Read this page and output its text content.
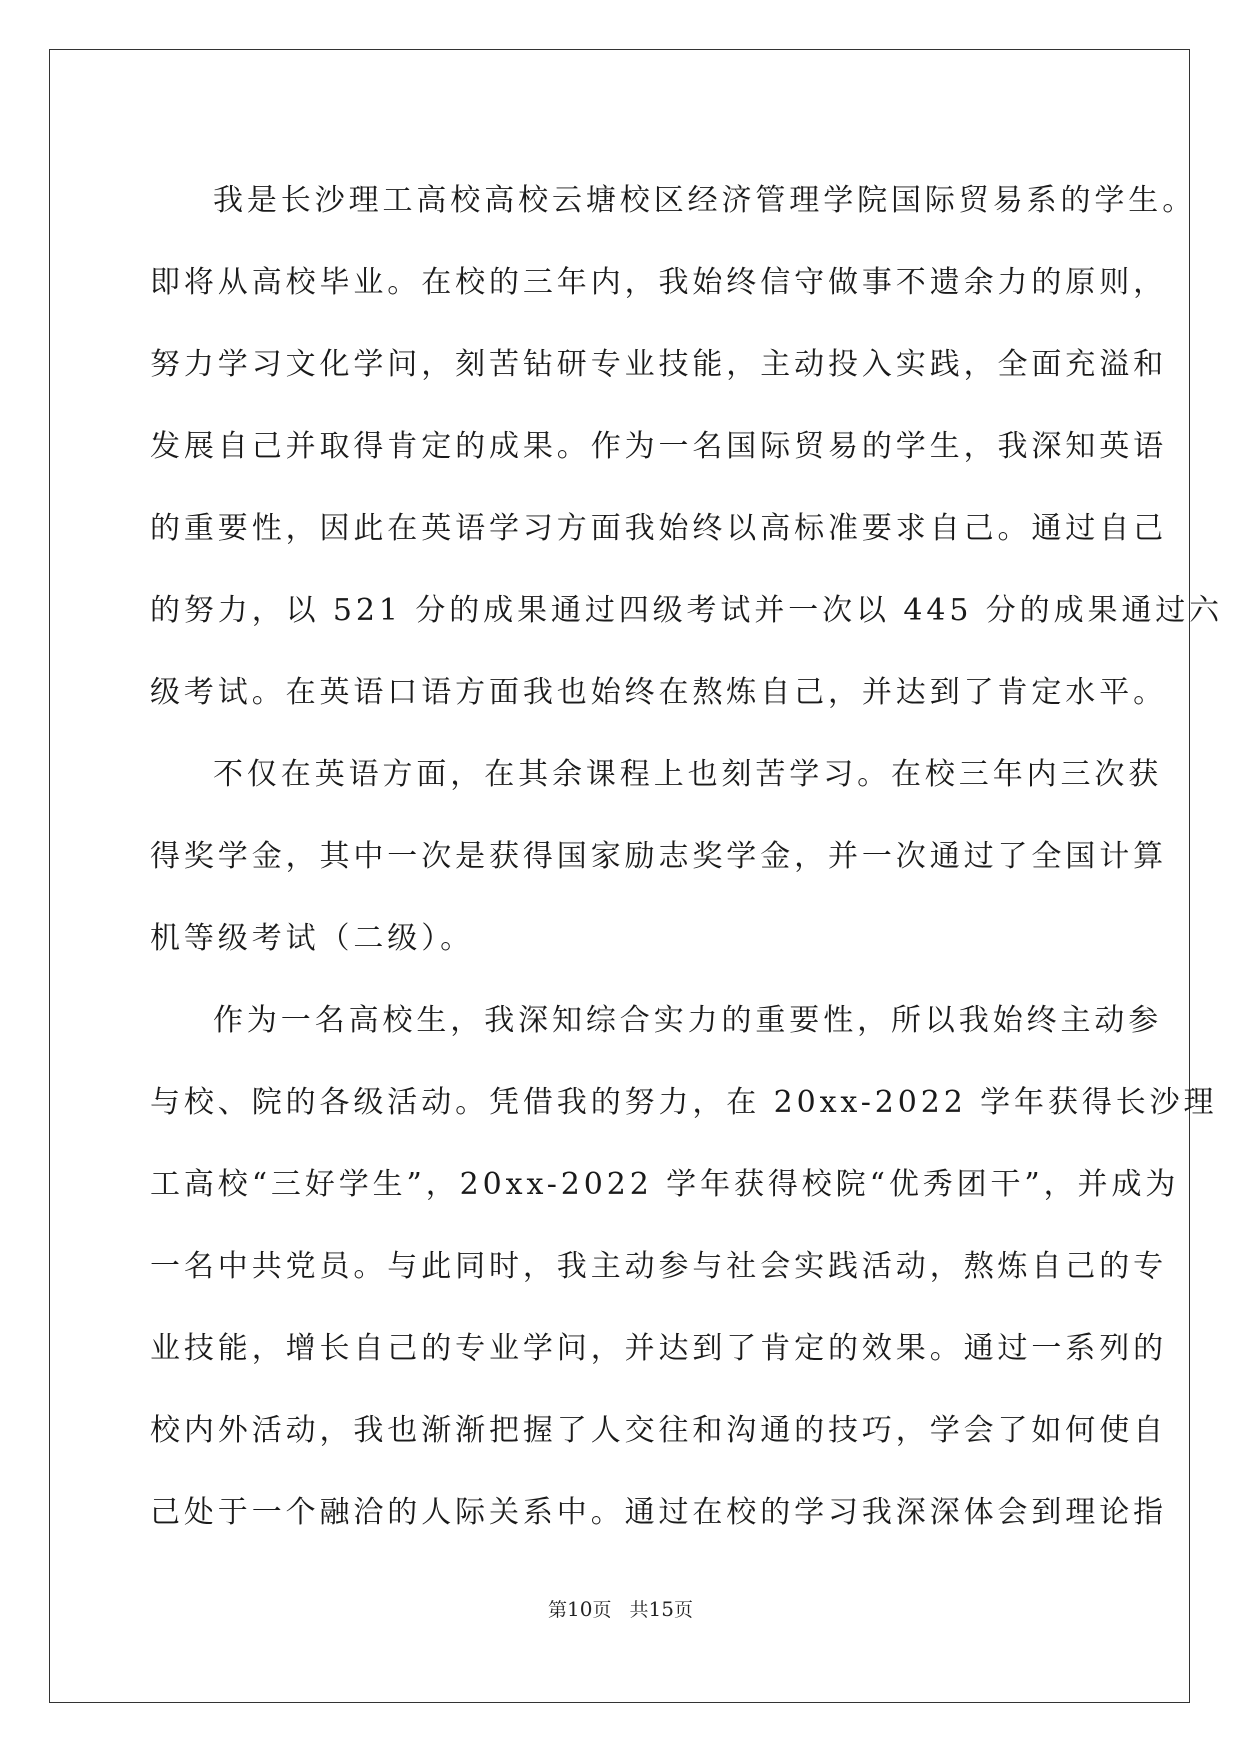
我是长沙理工高校高校云塘校区经济管理学院国际贸易系的学生。
即将从高校毕业。在校的三年内，我始终信守做事不遗余力的原则，
努力学习文化学问，刻苦钻研专业技能，主动投入实践，全面充溢和
发展自己并取得肯定的成果。作为一名国际贸易的学生，我深知英语
的重要性，因此在英语学习方面我始终以高标准要求自己。通过自己
的努力，以 521 分的成果通过四级考试并一次以 445 分的成果通过六
级考试。在英语口语方面我也始终在熬炼自己，并达到了肯定水平。
不仅在英语方面，在其余课程上也刻苦学习。在校三年内三次获
得奖学金，其中一次是获得国家励志奖学金，并一次通过了全国计算
机等级考试（二级）。
作为一名高校生，我深知综合实力的重要性，所以我始终主动参
与校、院的各级活动。凭借我的努力，在 20xx-2022 学年获得长沙理
工高校“三好学生”，20xx-2022 学年获得校院“优秀团干”，并成为
一名中共党员。与此同时，我主动参与社会实践活动，熬炼自己的专
业技能，增长自己的专业学问，并达到了肯定的效果。通过一系列的
校内外活动，我也渐渐把握了人交往和沟通的技巧，学会了如何使自
己处于一个融洽的人际关系中。通过在校的学习我深深体会到理论指
第10页 共15页
